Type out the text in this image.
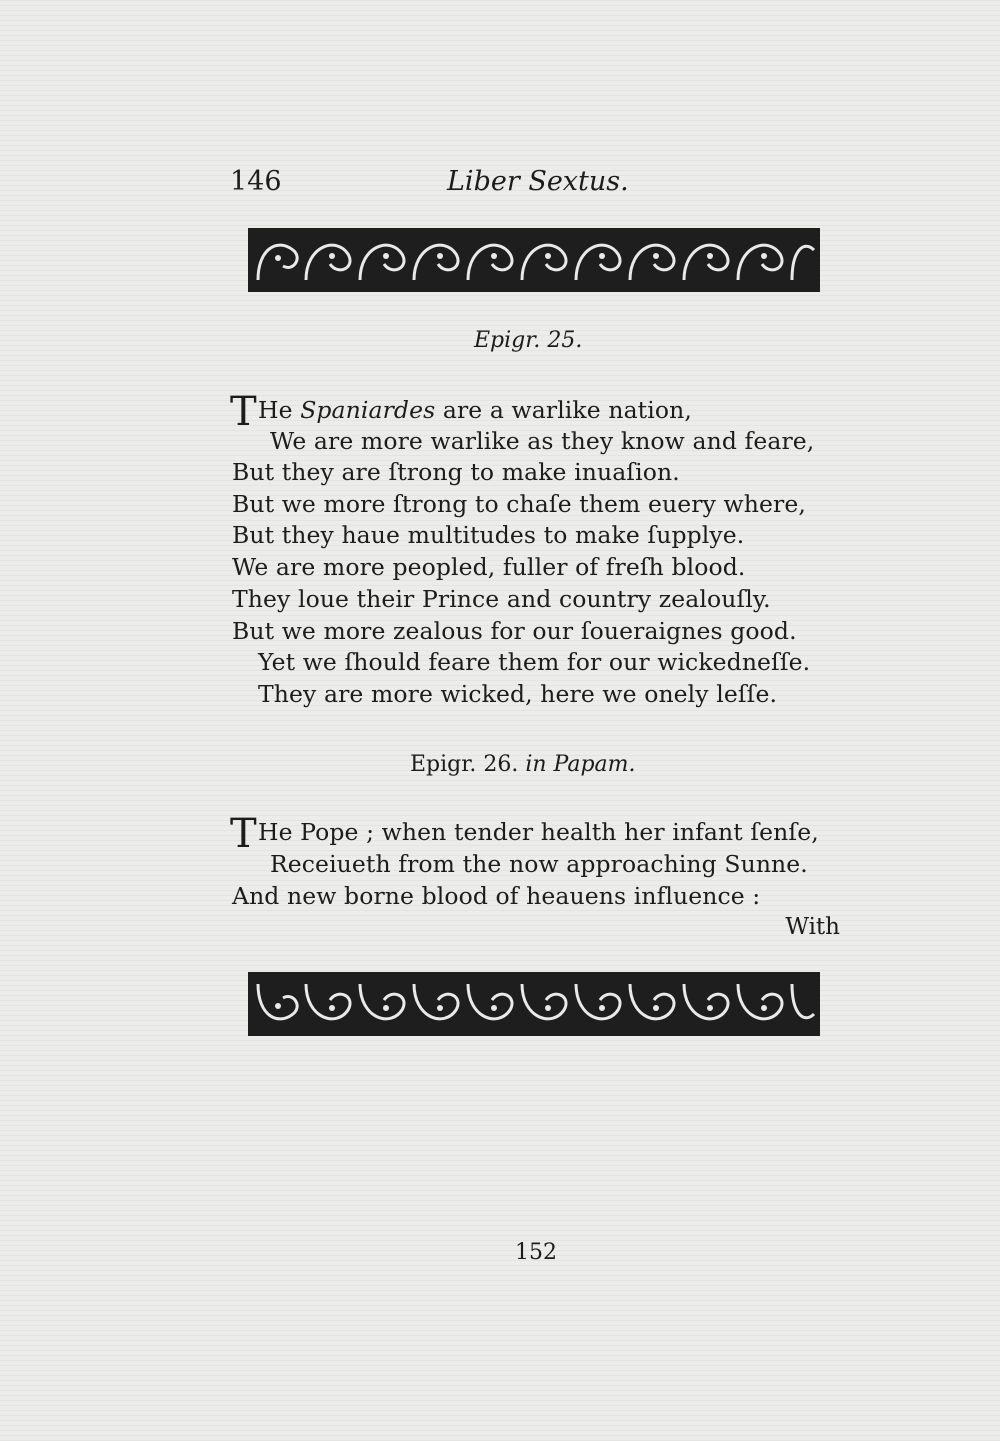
146	Liber Sextus.
Epigr. 25.
T He Spaniardes are a warlike nation,
We are more warlike as they know and feare,
But they are ſtrong to make inuaſion.
But we more ſtrong to chaſe them euery where,
But they haue multitudes to make ſupplye.
We are more peopled, fuller of freſh blood.
They loue their Prince and country zealouſly.
But we more zealous for our ſoueraignes good.
Yet we ſhould feare them for our wickedneſſe.
They are more wicked, here we onely leſſe.
Epigr. 26. in Papam.
T He Pope ; when tender health her infant ſenſe,
Receiueth from the now approaching Sunne.
And new borne blood of heauens influence :
With
152
